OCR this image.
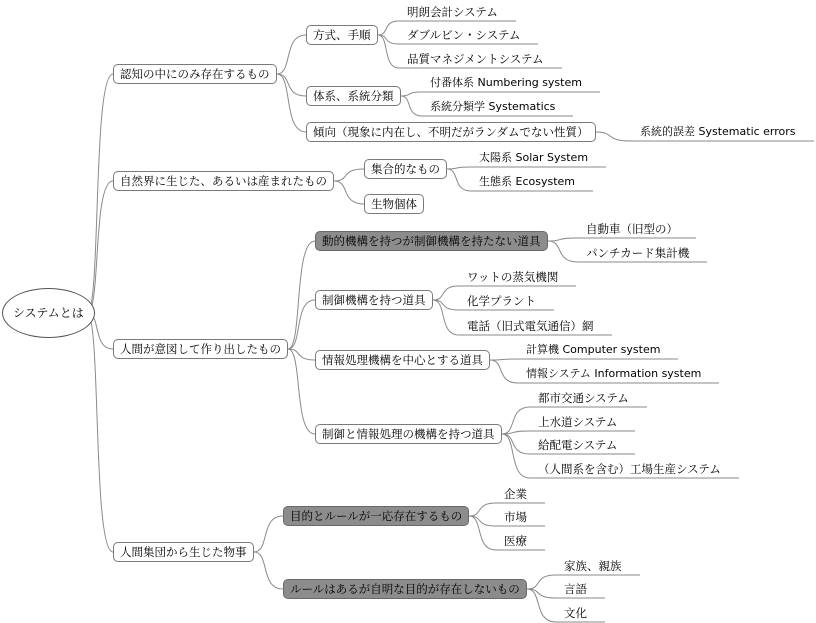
システムとは
認知の中にのみ存在するもの
方式、手順
明朗会計システム
ダブルビン・システム
品質マネジメントシステム
体系、系統分類
付番体系 Numbering system
系統分類学 Systematics
傾向（現象に内在し、不明だがランダムでない性質）	系統的誤差 Systematic errors
自然界に生じた、あるいは産まれたもの
集合的なもの
太陽系 Solar System
生態系 Ecosystem
生物個体
人間が意図して作り出したもの
動的機構を持つが制御機構を持たない道具
自動車（旧型の）
パンチカード集計機
制御機構を持つ道具
ワットの蒸気機関
化学プラント
電話（旧式電気通信）網
情報処理機構を中心とする道具
計算機 Computer system
情報システム Information system
制御と情報処理の機構を持つ道具
都市交通システム
上水道システム
給配電システム
（人間系を含む）工場生産システム
人間集団から生じた物事
目的とルールが一応存在するもの
企業
市場
医療
ルールはあるが自明な目的が存在しないもの
家族、親族
言語
文化
